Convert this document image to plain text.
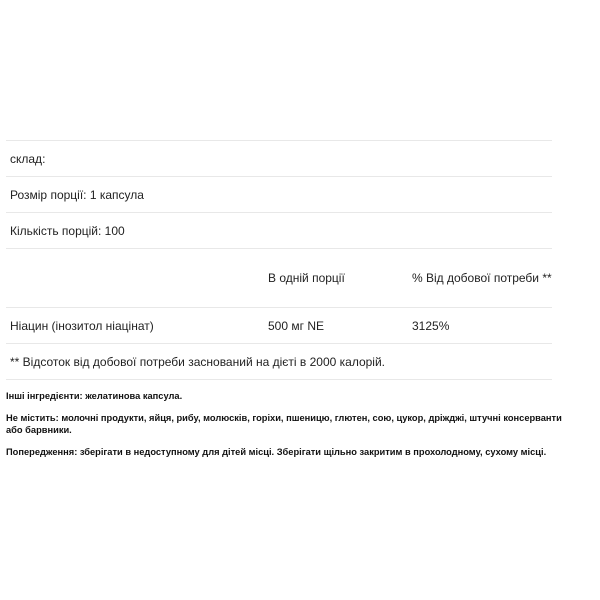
склад:		
Розмір порції: 1 капсула		
Кількість порцій: 100		
	В одній порції	% Від добової потреби **
Ніацин (інозитол ніацінат)	500 мг NE	3125%
** Відсоток від добової потреби заснований на дієті в 2000 калорій.		

Інші інгредієнти: желатинова капсула.

Не містить: молочні продукти, яйця, рибу, молюсків, горіхи, пшеницю, глютен, сою, цукор, дріжджі, штучні консерванти або барвники.

Попередження: зберігати в недоступному для дітей місці. Зберігати щільно закритим в прохолодному, сухому місці.
